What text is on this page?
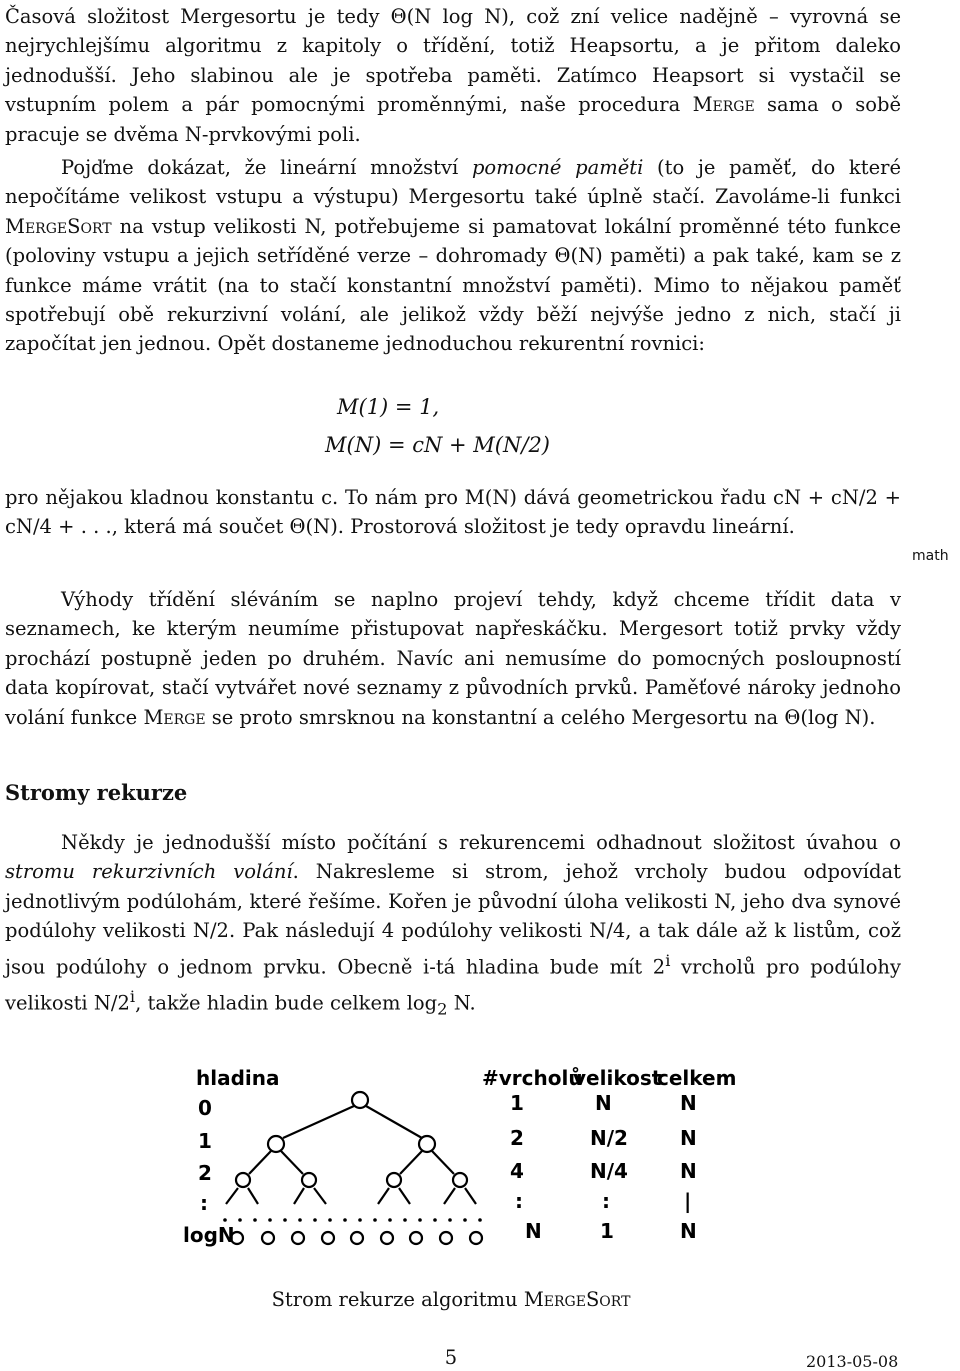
Časová složitost Mergesortu je tedy Θ(N log N), což zní velice nadějně – vyrovná se nejrychlejšímu algoritmu z kapitoly o třídění, totiž Heapsortu, a je přitom daleko jednodušší. Jeho slabinou ale je spotřeba paměti. Zatímco Heapsort si vystačil se vstupním polem a pár pomocnými proměnnými, naše procedura Merge sama o sobě pracuje se dvěma N-prvkovými poli.

Pojďme dokázat, že lineární množství pomocné paměti (to je paměť, do které nepočítáme velikost vstupu a výstupu) Mergesortu také úplně stačí. Zavoláme-li funkci MergeSort na vstup velikosti N, potřebujeme si pamatovat lokální proměnné této funkce (poloviny vstupu a jejich setříděné verze – dohromady Θ(N) paměti) a pak také, kam se z funkce máme vrátit (na to stačí konstantní množství paměti). Mimo to nějakou paměť spotřebují obě rekurzivní volání, ale jelikož vždy běží nejvýše jedno z nich, stačí ji započítat jen jednou. Opět dostaneme jednoduchou rekurentní rovnici:

M(1) = 1,
M(N) = cN + M(N/2)

pro nějakou kladnou konstantu c. To nám pro M(N) dává geometrickou řadu cN + cN/2 + cN/4 + . . ., která má součet Θ(N). Prostorová složitost je tedy opravdu lineární.

math

Výhody třídění sléváním se naplno projeví tehdy, když chceme třídit data v seznamech, ke kterým neumíme přistupovat napřeskáčku. Mergesort totiž prvky vždy prochází postupně jeden po druhém. Navíc ani nemusíme do pomocných posloupností data kopírovat, stačí vytvářet nové seznamy z původních prvků. Paměťové nároky jednoho volání funkce Merge se proto smrsknou na konstantní a celého Mergesortu na Θ(log N).

Stromy rekurze

Někdy je jednodušší místo počítání s rekurencemi odhadnout složitost úvahou o stromu rekurzivních volání. Nakresleme si strom, jehož vrcholy budou odpovídat jednotlivým podúlohám, které řešíme. Kořen je původní úloha velikosti N, jeho dva synové podúlohy velikosti N/2. Pak následují 4 podúlohy velikosti N/4, a tak dále až k listům, což jsou podúlohy o jednom prvku. Obecně i-tá hladina bude mít 2$^i$ vrcholů pro podúlohy velikosti N/2$^i$, takže hladin bude celkem $\log_2 N$.

hladina	#vrcholů
velikost
celkem
0
1
2
:
logN
1
2
4
:
N
N
N/2
N/4
:
1
N
N
N
|
N
Strom rekurze algoritmu MergeSort
5	2013-05-08
